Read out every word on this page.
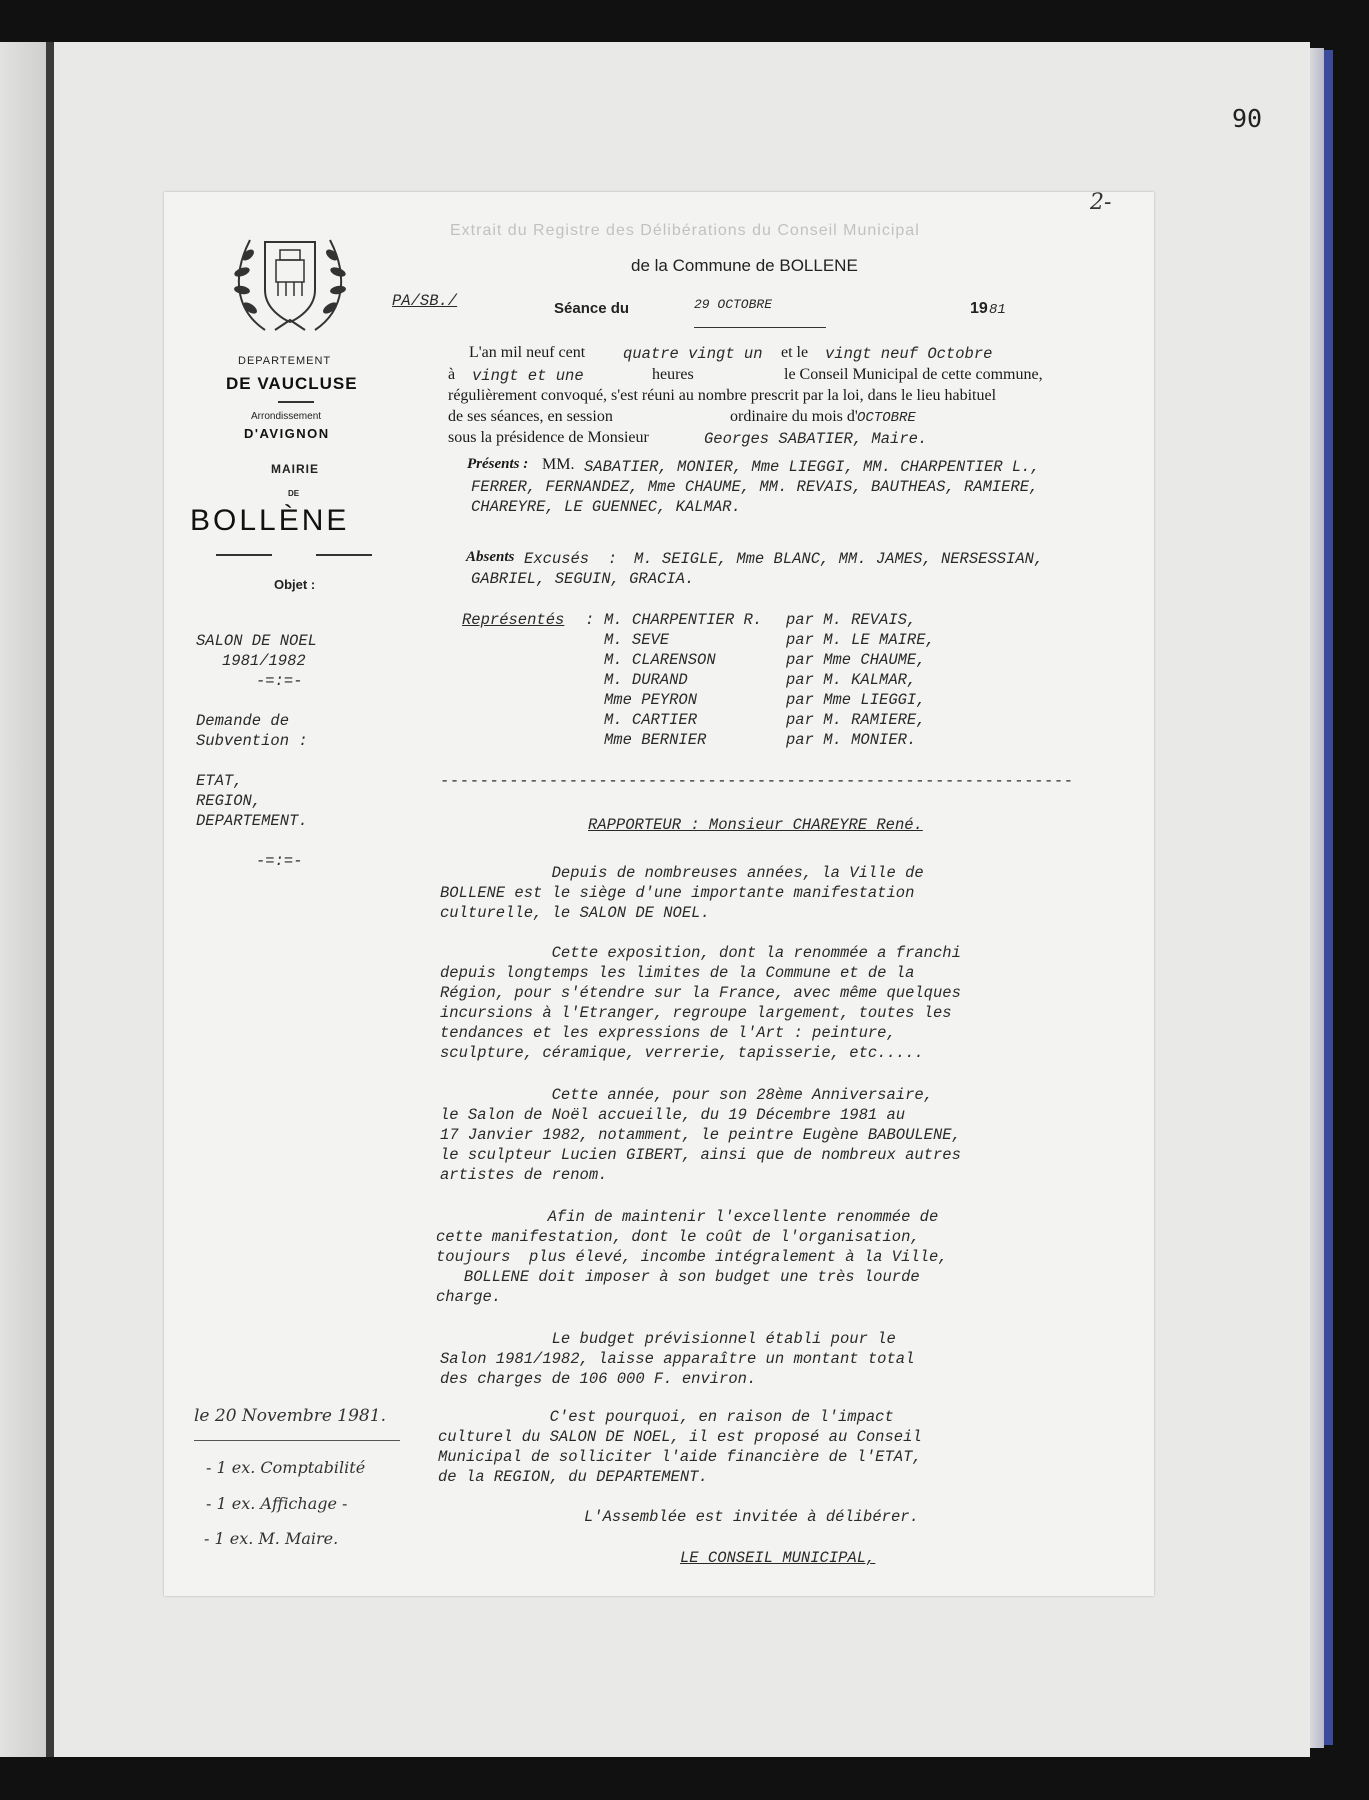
90
2-
DEPARTEMENT
DE VAUCLUSE
Arrondissement
D'AVIGNON
MAIRIE
DE
BOLLÈNE
Objet :
SALON DE NOEL
1981/1982
-=:=-
Demande de
Subvention :
ETAT,
REGION,
DEPARTEMENT.
-=:=-
Extrait du Registre des Délibérations du Conseil Municipal
de la Commune de BOLLENE
PA/SB./	Séance du	29 OCTOBRE	19 81
L'an mil neuf cent quatre vingt un et le vingt neuf Octobre
à vingt et une	heures	le Conseil Municipal de cette commune,
régulièrement convoqué, s'est réuni au nombre prescrit par la loi, dans le lieu habituel
de ses séances, en session	ordinaire du mois d' OCTOBRE
sous la présidence de Monsieur	Georges SABATIER, Maire.
Présents : MM. SABATIER, MONIER, Mme LIEGGI, MM. CHARPENTIER L.,
FERRER, FERNANDEZ, Mme CHAUME, MM. REVAIS, BAUTHEAS, RAMIERE,
CHAREYRE, LE GUENNEC, KALMAR.
Absents Excusés  : M. SEIGLE, Mme BLANC, MM. JAMES, NERSESSIAN,
GABRIEL, SEGUIN, GRACIA.
Représentés : M. CHARPENTIER R. par M. REVAIS,
M. SEVE	par M. LE MAIRE,
M. CLARENSON	par Mme CHAUME,
M. DURAND	par M. KALMAR,
Mme PEYRON	par Mme LIEGGI,
M. CARTIER	par M. RAMIERE,
Mme BERNIER	par M. MONIER.
----------------------------------------------------------------
RAPPORTEUR : Monsieur CHAREYRE René.
Depuis de nombreuses années, la Ville de
BOLLENE est le siège d'une importante manifestation
culturelle, le SALON DE NOEL.
Cette exposition, dont la renommée a franchi
depuis longtemps les limites de la Commune et de la
Région, pour s'étendre sur la France, avec même quelques
incursions à l'Etranger, regroupe largement, toutes les
tendances et les expressions de l'Art : peinture,
sculpture, céramique, verrerie, tapisserie, etc.....
Cette année, pour son 28ème Anniversaire,
le Salon de Noël accueille, du 19 Décembre 1981 au
17 Janvier 1982, notamment, le peintre Eugène BABOULENE,
le sculpteur Lucien GIBERT, ainsi que de nombreux autres
artistes de renom.
Afin de maintenir l'excellente renommée de
cette manifestation, dont le coût de l'organisation,
toujours  plus élevé, incombe intégralement à la Ville,
BOLLENE doit imposer à son budget une très lourde
charge.
Le budget prévisionnel établi pour le
Salon 1981/1982, laisse apparaître un montant total
des charges de 106 000 F. environ.
C'est pourquoi, en raison de l'impact
culturel du SALON DE NOEL, il est proposé au Conseil
Municipal de solliciter l'aide financière de l'ETAT,
de la REGION, du DEPARTEMENT.
L'Assemblée est invitée à délibérer.
LE CONSEIL MUNICIPAL,
le 20 Novembre 1981.
- 1 ex. Comptabilité
- 1 ex. Affichage -
- 1 ex. M. Maire.
